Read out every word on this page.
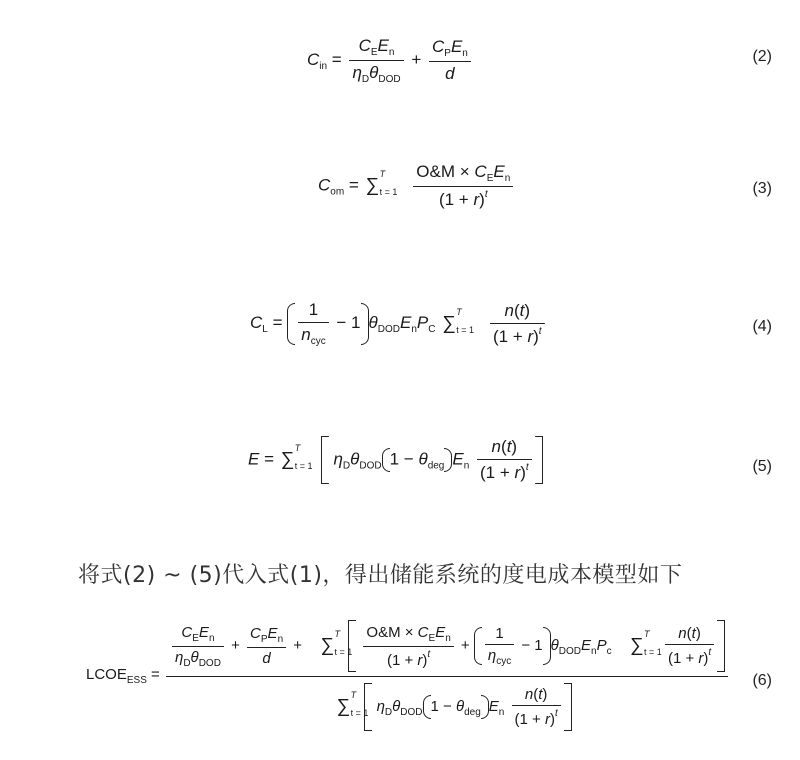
$C_{in} = \frac{C_EE_n}{\eta_D\theta_{DOD}} + \frac{C_PE_n}{d}$	(2)
$C_{om}$ = ∑
T
t = 1
$\frac{O\&M \times C_EE_n}{(1 + r)^t}$	(3)
$C_L = \frac{1}{n_{cyc}} - 1$ $\theta_{DOD}E_nP_C$ ∑
T
t = 1
$\frac{n(t)}{(1 + r)^t}$	(4)
E = ∑
T
t = 1 $\eta_D\theta_{DOD}$ $1 - \theta_{deg}$ $E_n \frac{n(t)}{(1 + r)^t}$	(5)
将式(2) ~ (5)代入式(1)，得出储能系统的度电成本模型如下
$LCOE_{ESS}$ =
$\frac{C_EE_n}{\eta_D\theta_{DOD}} + \frac{C_PE_n}{d}$ + ∑
T
t = 1
$\frac{O\&M \times C_EE_n}{(1 + r)^t} + \frac{1}{\eta_{cyc}} - 1$ $\theta_{DOD}E_nP_c$ ∑
T
t = 1
$\frac{n(t)}{(1 + r)^t}$
∑
T
t = 1 $\eta_D\theta_{DOD}$ $1 - \theta_{deg}$ $E_n \frac{n(t)}{(1 + r)^t}$
(6)
